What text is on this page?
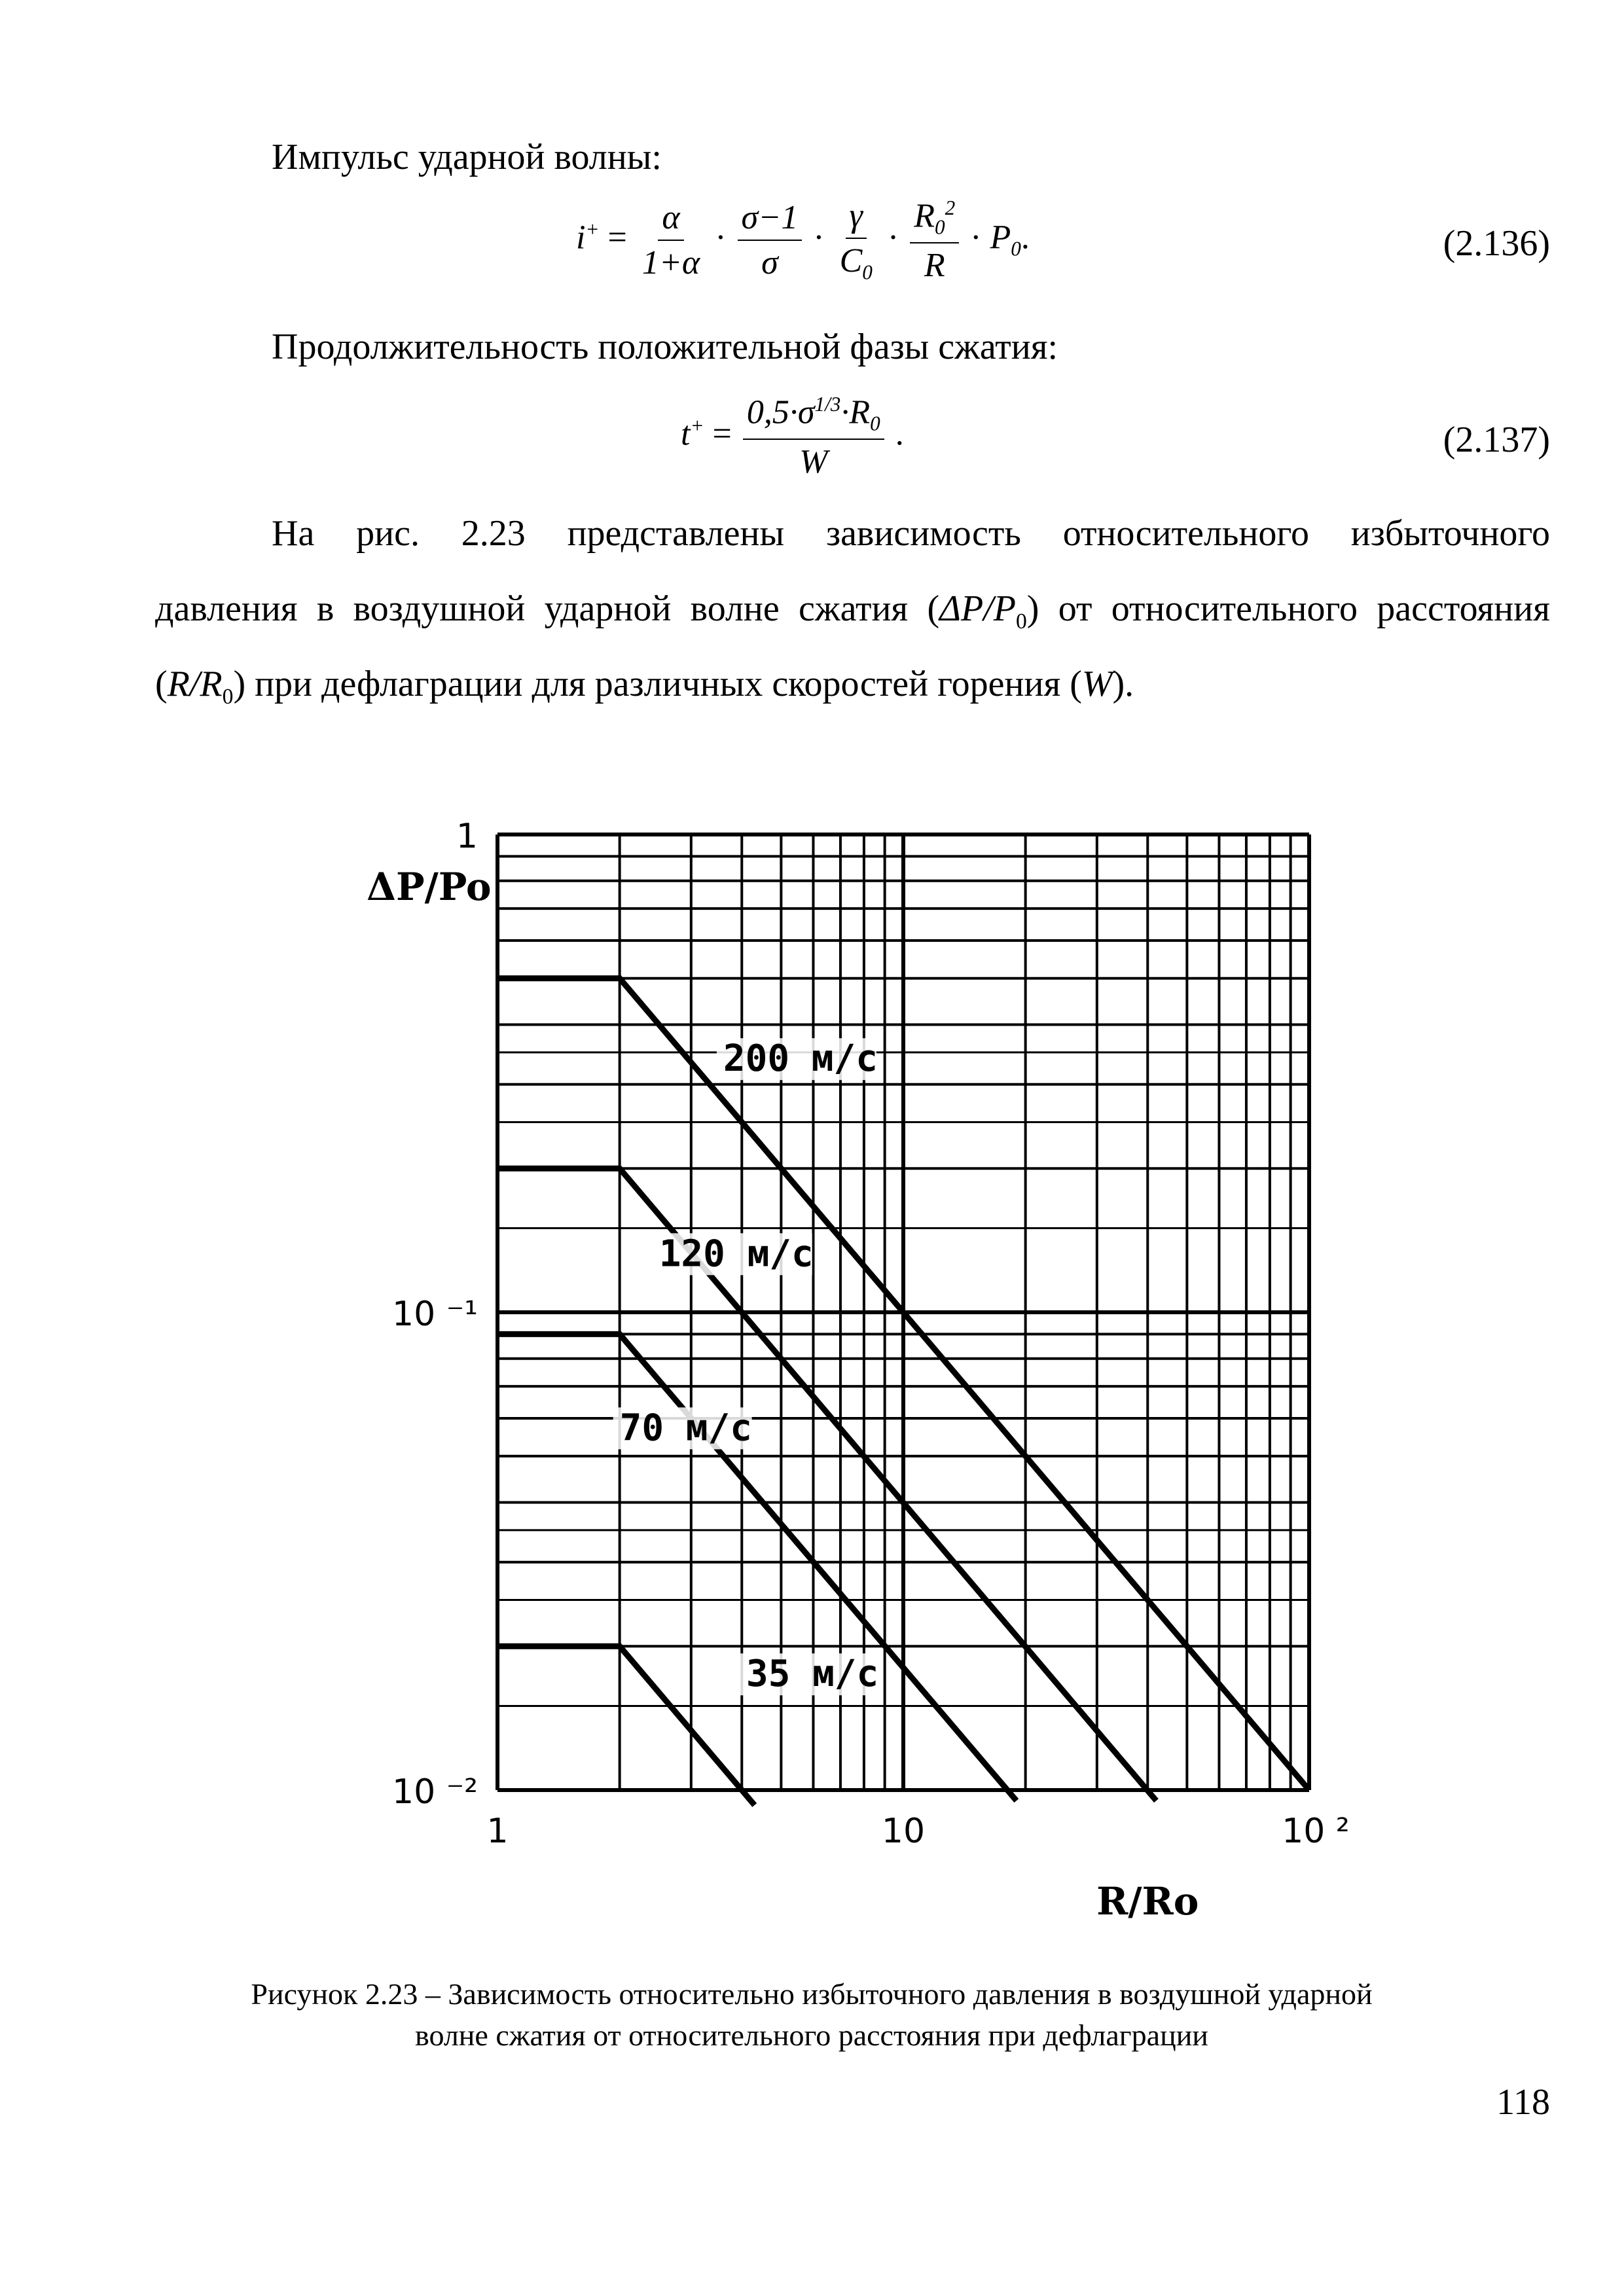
Импульс ударной волны:
$i^+ = \frac{\alpha}{1+\alpha} \cdot \frac{\sigma-1}{\sigma} \cdot \frac{\gamma}{C_0} \cdot \frac{R_0^2}{R} \cdot P_0$.	(2.136)
Продолжительность положительной фазы сжатия:
$t^+ = \frac{0,5\cdot\sigma^{1/3}\cdot R_0}{W}$ .	(2.137)
На рис. 2.23 представлены зависимость относительного избыточного
давления в воздушной ударной волне сжатия $(\Delta P/P_0)$ от относительного расстояния
$(R/R_0)$ при дефлаграции для различных скоростей горения (W).
200 м/с
120 м/с
70 м/с
35 м/с
1
10 ⁻¹
10 ⁻²
1	10	10 ²
ΔP/Po
R/Ro
Рисунок 2.23 – Зависимость относительно избыточного давления в воздушной ударной
волне сжатия от относительного расстояния при дефлаграции
118
